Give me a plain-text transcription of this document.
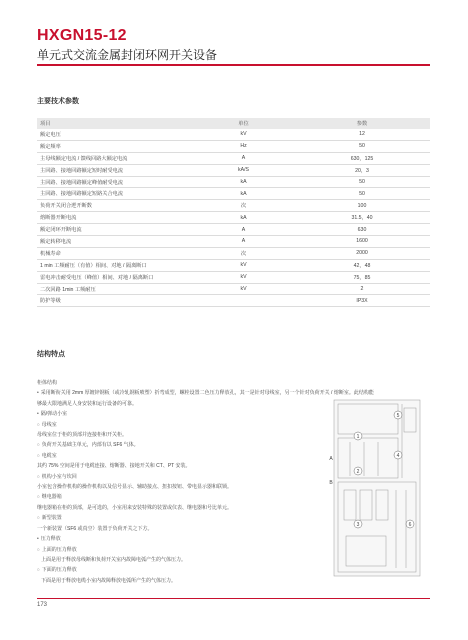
HXGN15-12
单元式交流金属封闭环网开关设备
主要技术参数
项目	单位	参数
额定电压	kV	12
额定频率	Hz	50
主母线额定电流 / 馈线回路大额定电流	A	630，125
主回路、接地回路额定短时耐受电流	kA/S	20，3
主回路、接地回路额定峰值耐受电流	kA	50
主回路、接地回路额定短路关合电流	kA	50
负荷开关闭合逻开断数	次	100
熔断器开断电流	kA	31.5，40
额定闭环开断电流	A	630
额定转移电流	A	1600
机械寿命	次	2000
1 min 工频耐压（有值）相间、对地 / 隔离断口	kV	42，48
雷电冲击耐受电压（峰值）相间、对地 / 隔离断口	kV	75，85
二次回路 1min 工频耐压	kV	2
防护等级		IP3X
结构特点
柜体结构
• 采用断衔关用 2mm 厚镀锌钢板（或冷轧钢板喷塑）折弯成型，螺栓设置二色压力释放孔，其一是针对母线室，另一个针对负荷开关 / 熔断室。此结构能
够最大限地满足人身安装和运行设备的可靠。
• 隔/弹动小室
○ 母线室
母线室位于柜的顶部并连接柜和开关柜。
○ 负荷开关基础主单元，内部有以 SF6 气体。
○ 电缆室
其约 75% 空间是用于电缆连接、熔断器、接地开关和 CT、PT 安装。
○ 机构小室与坎回
小室包含操作机构的操作机构以及信号显示、辅助接点、扭扣按钮、带电显示器和联锁。
○ 继电器箱
继电器箱在柜的顶部，是可选的，小室用来安装特殊的装置或仪表、继电器和号比单元。
○ 新型装置
一个新装置（SF6 或真空）装置于负荷开关之下方。
• 压力释放
○ 上面的压力释放
上面是用于释放母线断和负荷开关室内故障电弧产生的气体压力。
○ 下面的压力释放
下面是用于释放电缆小室内故障释放电弧所产生的气体压力。
1
2
3
4
5
6
A
B
173
